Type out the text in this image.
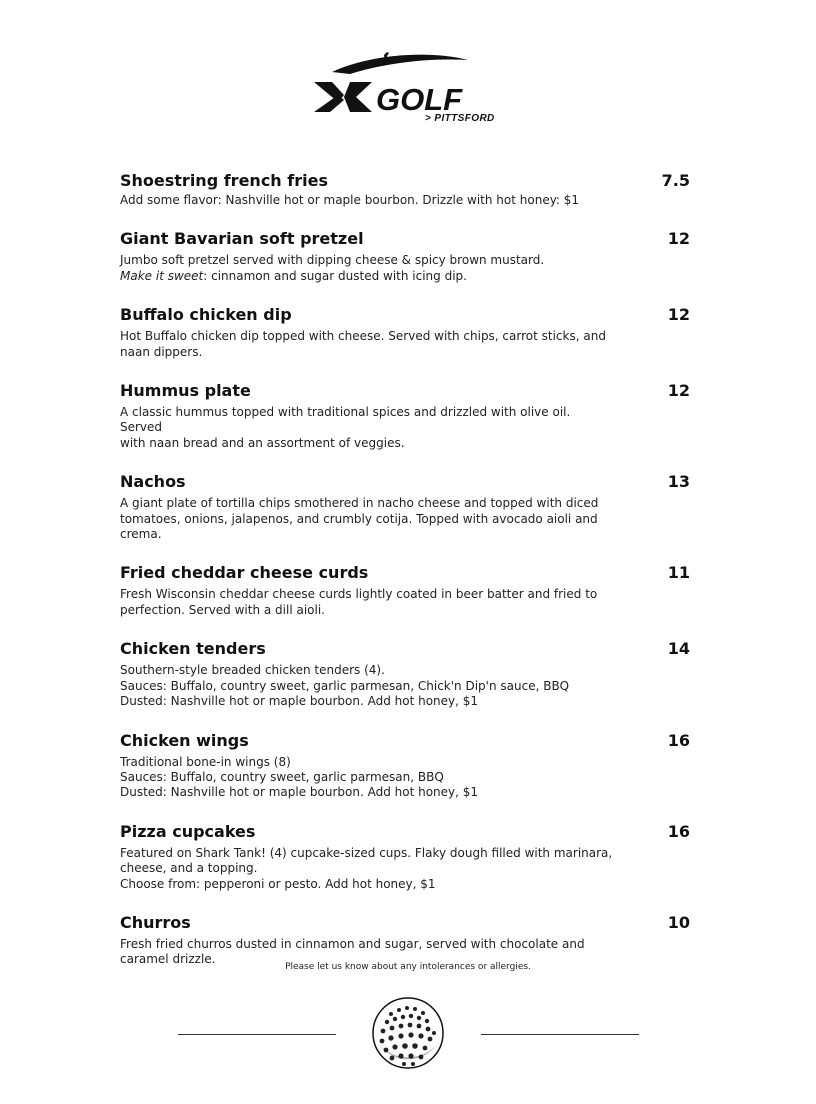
GOLF
> PITTSFORD
Shoestring french fries	7.5
Add some flavor: Nashville hot or maple bourbon. Drizzle with hot honey: $1
Giant Bavarian soft pretzel	12
Jumbo soft pretzel served with dipping cheese & spicy brown mustard.
Make it sweet: cinnamon and sugar dusted with icing dip.
Buffalo chicken dip	12
Hot Buffalo chicken dip topped with cheese. Served with chips, carrot sticks, and
naan dippers.
Hummus plate	12
A classic hummus topped with traditional spices and drizzled with olive oil. Served
with naan bread and an assortment of veggies.
Nachos	13
A giant plate of tortilla chips smothered in nacho cheese and topped with diced
tomatoes, onions, jalapenos, and crumbly cotija. Topped with avocado aioli and
crema.
Fried cheddar cheese curds	11
Fresh Wisconsin cheddar cheese curds lightly coated in beer batter and fried to
perfection. Served with a dill aioli.
Chicken tenders	14
Southern-style breaded chicken tenders (4).
Sauces: Buffalo, country sweet, garlic parmesan, Chick'n Dip'n sauce, BBQ
Dusted: Nashville hot or maple bourbon. Add hot honey, $1
Chicken wings	16
Traditional bone-in wings (8)
Sauces: Buffalo, country sweet, garlic parmesan, BBQ
Dusted: Nashville hot or maple bourbon. Add hot honey, $1
Pizza cupcakes	16
Featured on Shark Tank! (4) cupcake-sized cups. Flaky dough filled with marinara,
cheese, and a topping.
Choose from: pepperoni or pesto. Add hot honey, $1
Churros	10
Fresh fried churros dusted in cinnamon and sugar, served with chocolate and
caramel drizzle.
Please let us know about any intolerances or allergies.
